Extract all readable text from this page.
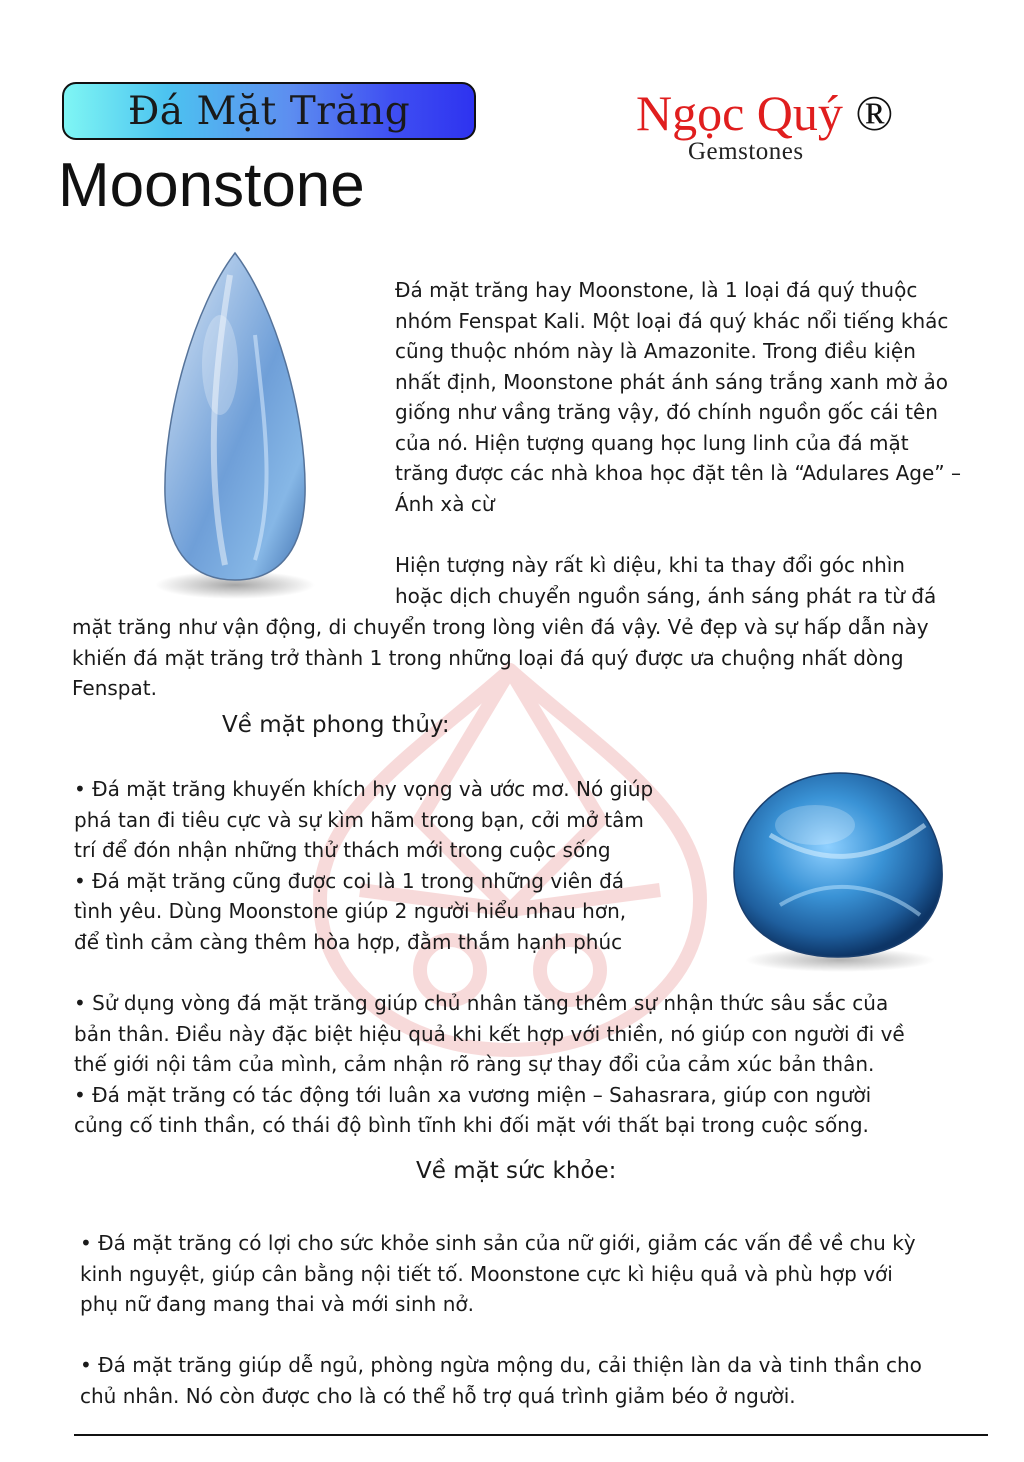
Đá Mặt Trăng	Ngọc Quý ®
Gemstones
Moonstone

Đá mặt trăng hay Moonstone, là 1 loại đá quý thuộc

nhóm Fenspat Kali. Một loại đá quý khác nổi tiếng khác

cũng thuộc nhóm này là Amazonite. Trong điều kiện

nhất định, Moonstone phát ánh sáng trắng xanh mờ ảo

giống như vầng trăng vậy, đó chính nguồn gốc cái tên

của nó. Hiện tượng quang học lung linh của đá mặt

trăng được các nhà khoa học đặt tên là “Adulares Age” –

Ánh xà cừ

Hiện tượng này rất kì diệu, khi ta thay đổi góc nhìn

hoặc dịch chuyển nguồn sáng, ánh sáng phát ra từ đá

mặt trăng như vận động, di chuyển trong lòng viên đá vậy. Vẻ đẹp và sự hấp dẫn này

khiến đá mặt trăng trở thành 1 trong những loại đá quý được ưa chuộng nhất dòng

Fenspat.

Về mặt phong thủy:

• Đá mặt trăng khuyến khích hy vọng và ước mơ. Nó giúp

phá tan đi tiêu cực và sự kìm hãm trong bạn, cởi mở tâm

trí để đón nhận những thử thách mới trong cuộc sống

• Đá mặt trăng cũng được coi là 1 trong những viên đá

tình yêu. Dùng Moonstone giúp 2 người hiểu nhau hơn,

để tình cảm càng thêm hòa hợp, đằm thắm hạnh phúc

• Sử dụng vòng đá mặt trăng giúp chủ nhân tăng thêm sự nhận thức sâu sắc của

bản thân. Điều này đặc biệt hiệu quả khi kết hợp với thiền, nó giúp con người đi về

thế giới nội tâm của mình, cảm nhận rõ ràng sự thay đổi của cảm xúc bản thân.

• Đá mặt trăng có tác động tới luân xa vương miện – Sahasrara, giúp con người

củng cố tinh thần, có thái độ bình tĩnh khi đối mặt với thất bại trong cuộc sống.

Về mặt sức khỏe:

• Đá mặt trăng có lợi cho sức khỏe sinh sản của nữ giới, giảm các vấn đề về chu kỳ

kinh nguyệt, giúp cân bằng nội tiết tố. Moonstone cực kì hiệu quả và phù hợp với

phụ nữ đang mang thai và mới sinh nở.

• Đá mặt trăng giúp dễ ngủ, phòng ngừa mộng du, cải thiện làn da và tinh thần cho

chủ nhân. Nó còn được cho là có thể hỗ trợ quá trình giảm béo ở người.
